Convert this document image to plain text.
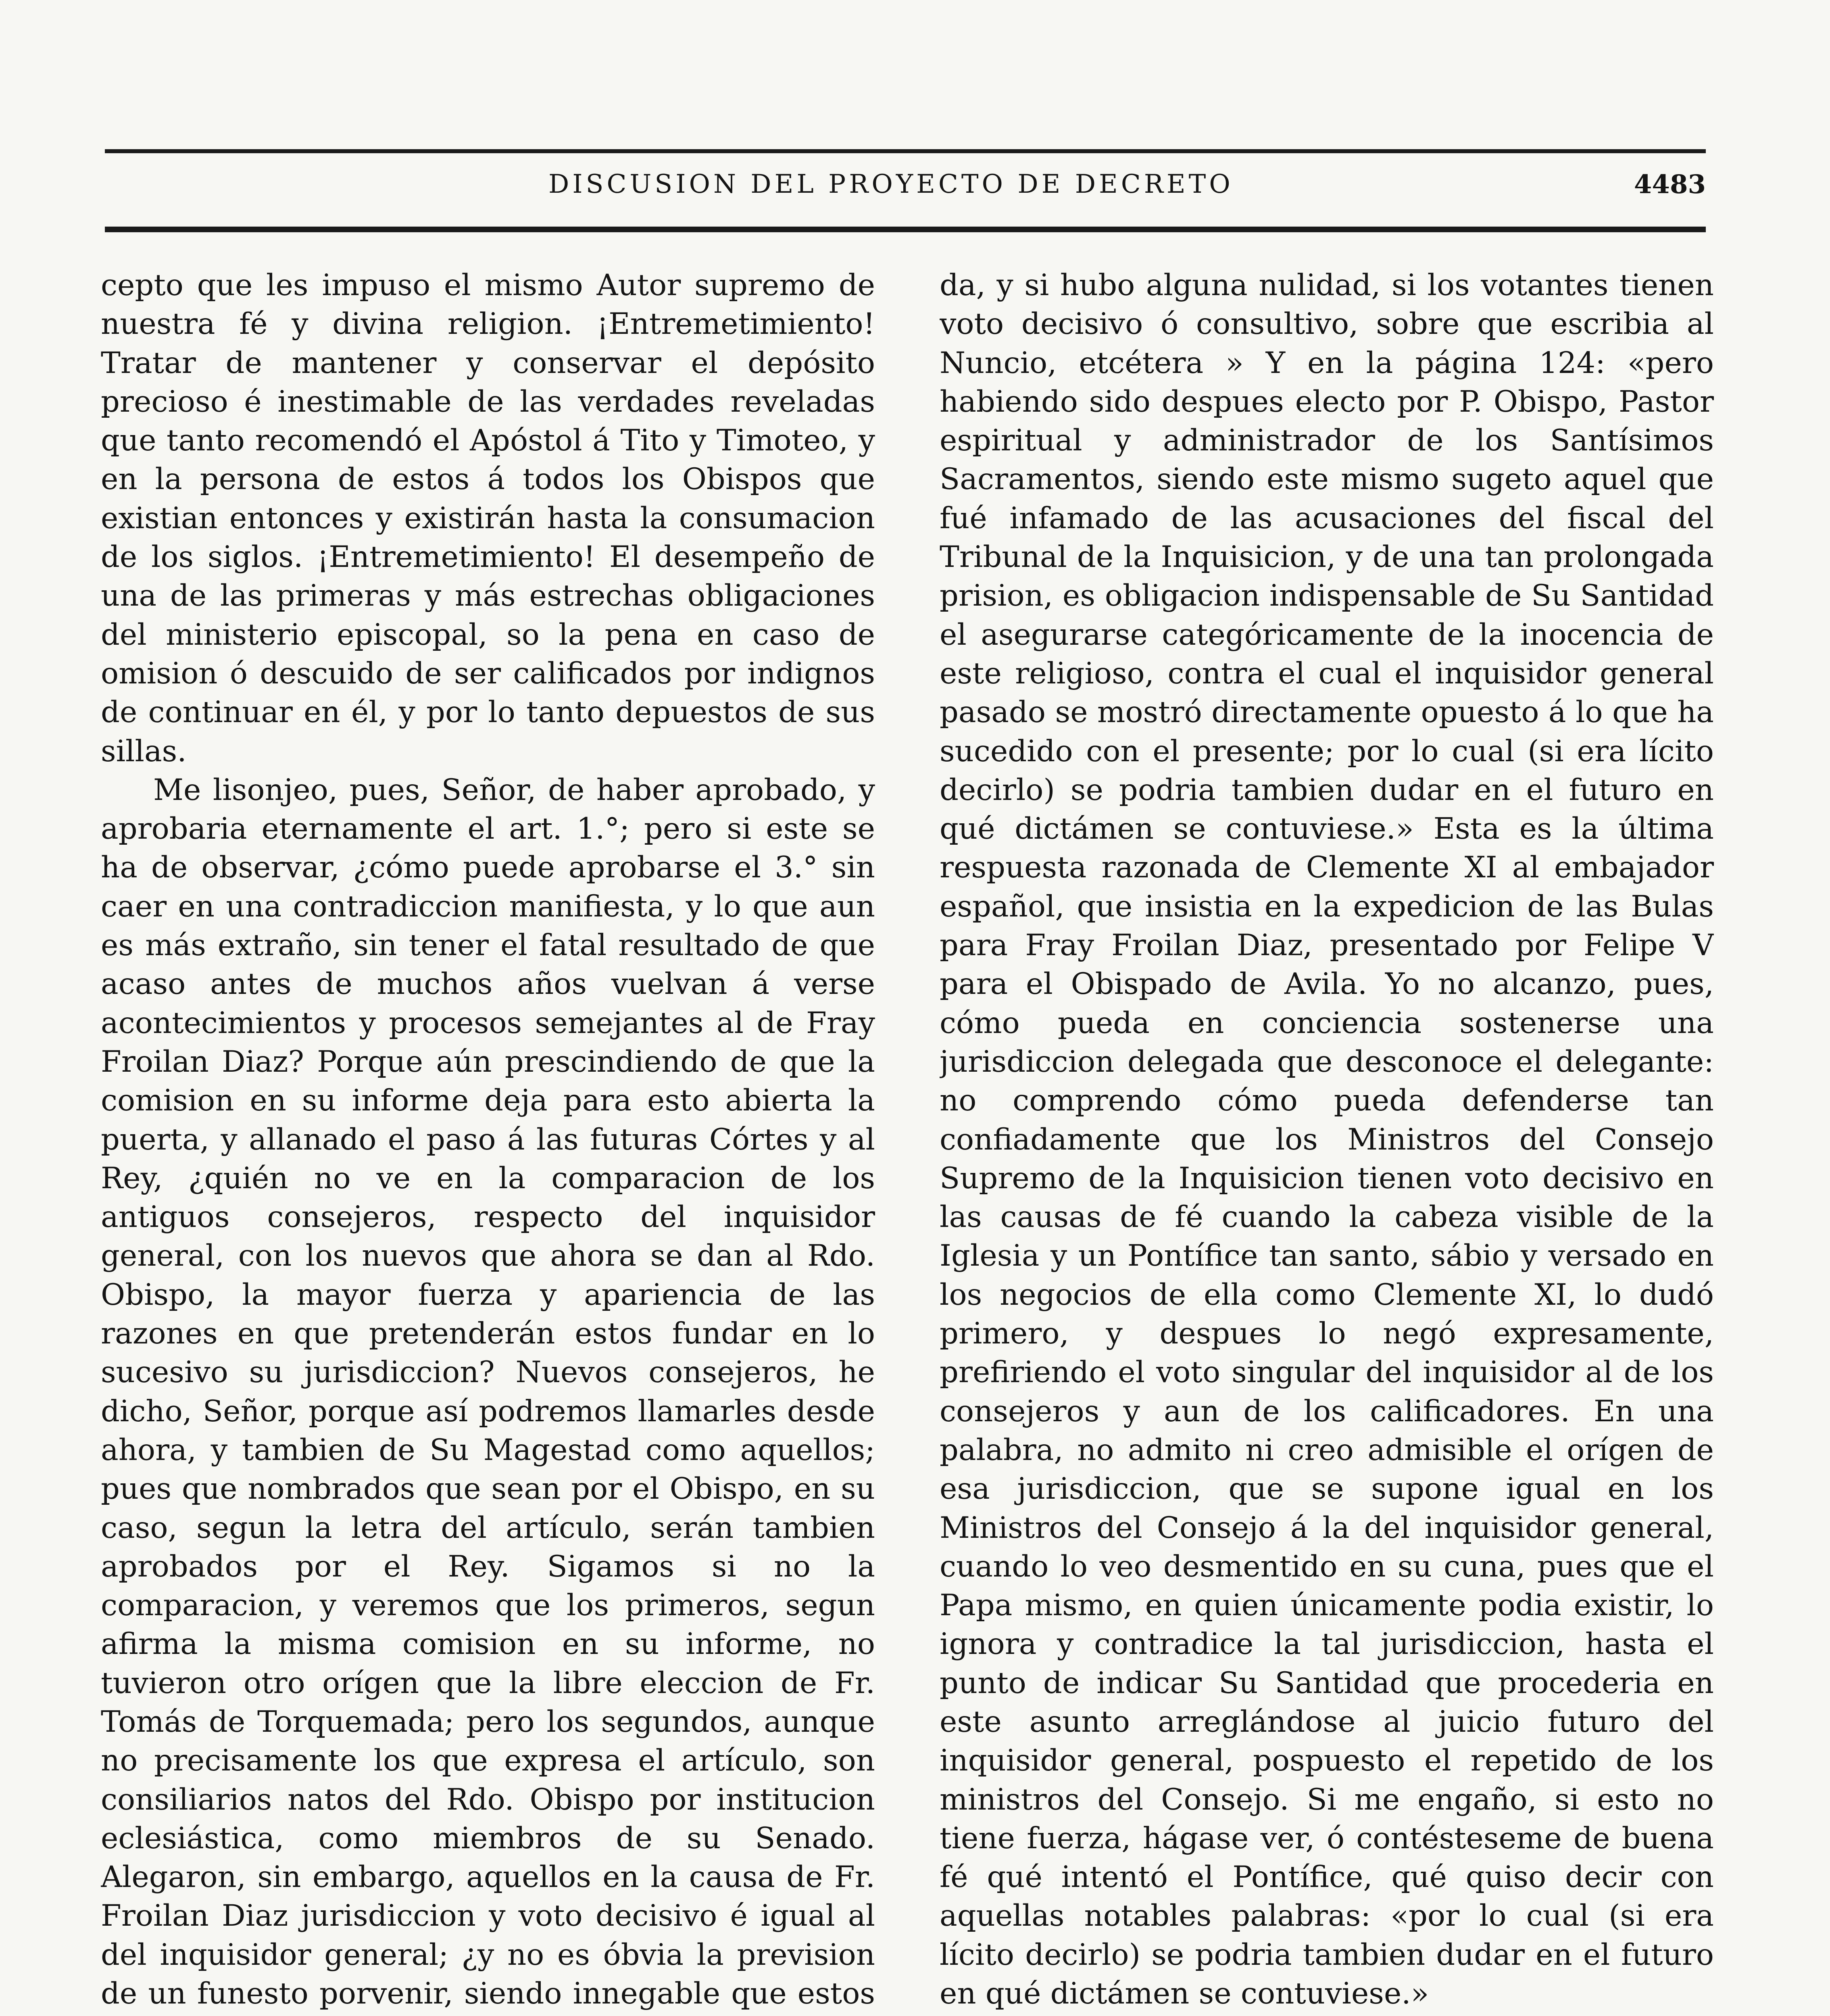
DISCUSION DEL PROYECTO DE DECRETO	4483

cepto que les impuso el mismo Autor supremo de nuestra fé y divina religion. ¡Entremetimiento! Tratar de mantener y conservar el depósito precioso é inestimable de las verdades reveladas que tanto recomendó el Apóstol á Tito y Timoteo, y en la persona de estos á todos los Obispos que existian entonces y existirán hasta la consumacion de los siglos. ¡Entremetimiento! El desempeño de una de las primeras y más estrechas obligaciones del ministerio episcopal, so la pena en caso de omision ó descuido de ser calificados por indignos de continuar en él, y por lo tanto depuestos de sus sillas.

Me lisonjeo, pues, Señor, de haber aprobado, y aprobaria eternamente el art. 1.°; pero si este se ha de observar, ¿cómo puede aprobarse el 3.° sin caer en una contradiccion manifiesta, y lo que aun es más extraño, sin tener el fatal resultado de que acaso antes de muchos años vuelvan á verse acontecimientos y procesos semejantes al de Fray Froilan Diaz? Porque aún prescindiendo de que la comision en su informe deja para esto abierta la puerta, y allanado el paso á las futuras Córtes y al Rey, ¿quién no ve en la comparacion de los antiguos consejeros, respecto del inquisidor general, con los nuevos que ahora se dan al Rdo. Obispo, la mayor fuerza y apariencia de las razones en que pretenderán estos fundar en lo sucesivo su jurisdiccion? Nuevos consejeros, he dicho, Señor, porque así podremos llamarles desde ahora, y tambien de Su Magestad como aquellos; pues que nombrados que sean por el Obispo, en su caso, segun la letra del artículo, serán tambien aprobados por el Rey. Sigamos si no la comparacion, y veremos que los primeros, segun afirma la misma comision en su informe, no tuvieron otro orígen que la libre eleccion de Fr. Tomás de Torquemada; pero los segundos, aunque no precisamente los que expresa el artículo, son consiliarios natos del Rdo. Obispo por institucion eclesiástica, como miembros de su Senado. Alegaron, sin embargo, aquellos en la causa de Fr. Froilan Diaz jurisdiccion y voto decisivo é igual al del inquisidor general; ¿y no es óbvia la prevision de un funesto porvenir, siendo innegable que estos

da, y si hubo alguna nulidad, si los votantes tienen voto decisivo ó consultivo, sobre que escribia al Nuncio, etcétera » Y en la página 124: «pero habiendo sido despues electo por P. Obispo, Pastor espiritual y administrador de los Santísimos Sacramentos, siendo este mismo sugeto aquel que fué infamado de las acusaciones del fiscal del Tribunal de la Inquisicion, y de una tan prolongada prision, es obligacion indispensable de Su Santidad el asegurarse categóricamente de la inocencia de este religioso, contra el cual el inquisidor general pasado se mostró directamente opuesto á lo que ha sucedido con el presente; por lo cual (si era lícito decirlo) se podria tambien dudar en el futuro en qué dictámen se contuviese.» Esta es la última respuesta razonada de Clemente XI al embajador español, que insistia en la expedicion de las Bulas para Fray Froilan Diaz, presentado por Felipe V para el Obispado de Avila. Yo no alcanzo, pues, cómo pueda en conciencia sostenerse una jurisdiccion delegada que desconoce el delegante: no comprendo cómo pueda defenderse tan confiadamente que los Ministros del Consejo Supremo de la Inquisicion tienen voto decisivo en las causas de fé cuando la cabeza visible de la Iglesia y un Pontífice tan santo, sábio y versado en los negocios de ella como Clemente XI, lo dudó primero, y despues lo negó expresamente, prefiriendo el voto singular del inquisidor al de los consejeros y aun de los calificadores. En una palabra, no admito ni creo admisible el orígen de esa jurisdiccion, que se supone igual en los Ministros del Consejo á la del inquisidor general, cuando lo veo desmentido en su cuna, pues que el Papa mismo, en quien únicamente podia existir, lo ignora y contradice la tal jurisdiccion, hasta el punto de indicar Su Santidad que procederia en este asunto arreglándose al juicio futuro del inquisidor general, pospuesto el repetido de los ministros del Consejo. Si me engaño, si esto no tiene fuerza, hágase ver, ó contésteseme de buena fé qué intentó el Pontífice, qué quiso decir con aquellas notables palabras: «por lo cual (si era lícito decirlo) se podria tambien dudar en el futuro en qué dictámen se contuviese.»
